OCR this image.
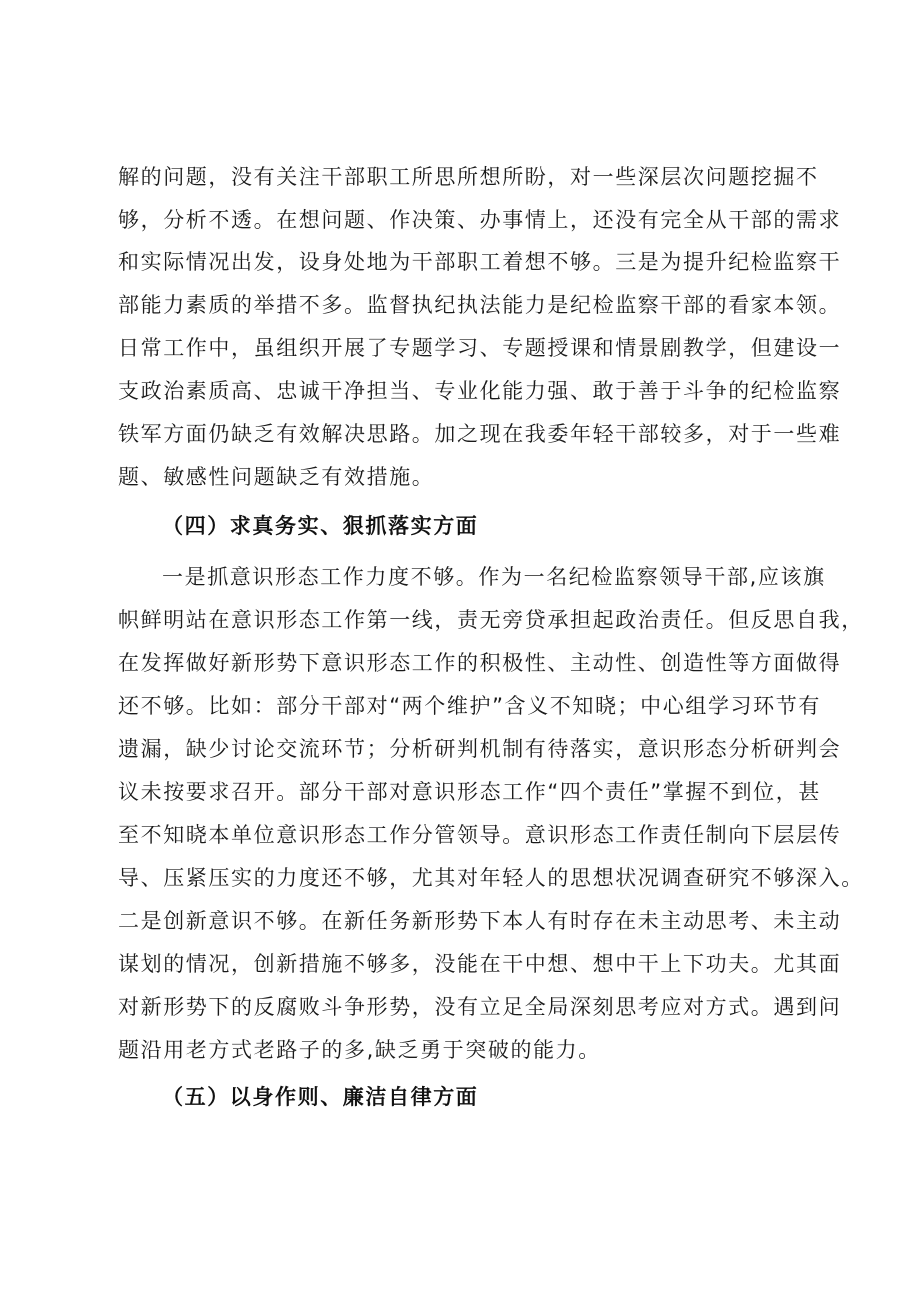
解的问题，没有关注干部职工所思所想所盼，对一些深层次问题挖掘不
够，分析不透。在想问题、作决策、办事情上，还没有完全从干部的需求
和实际情况出发，设身处地为干部职工着想不够。三是为提升纪检监察干
部能力素质的举措不多。监督执纪执法能力是纪检监察干部的看家本领。
日常工作中，虽组织开展了专题学习、专题授课和情景剧教学，但建设一
支政治素质高、忠诚干净担当、专业化能力强、敢于善于斗争的纪检监察
铁军方面仍缺乏有效解决思路。加之现在我委年轻干部较多，对于一些难
题、敏感性问题缺乏有效措施。
（四）求真务实、狠抓落实方面
一是抓意识形态工作力度不够。作为一名纪检监察领导干部,应该旗
帜鲜明站在意识形态工作第一线，责无旁贷承担起政治责任。但反思自我，
在发挥做好新形势下意识形态工作的积极性、主动性、创造性等方面做得
还不够。比如：部分干部对“两个维护”含义不知晓；中心组学习环节有
遗漏，缺少讨论交流环节；分析研判机制有待落实，意识形态分析研判会
议未按要求召开。部分干部对意识形态工作“四个责任”掌握不到位，甚
至不知晓本单位意识形态工作分管领导。意识形态工作责任制向下层层传
导、压紧压实的力度还不够，尤其对年轻人的思想状况调查研究不够深入。
二是创新意识不够。在新任务新形势下本人有时存在未主动思考、未主动
谋划的情况，创新措施不够多，没能在干中想、想中干上下功夫。尤其面
对新形势下的反腐败斗争形势，没有立足全局深刻思考应对方式。遇到问
题沿用老方式老路子的多,缺乏勇于突破的能力。
（五）以身作则、廉洁自律方面
